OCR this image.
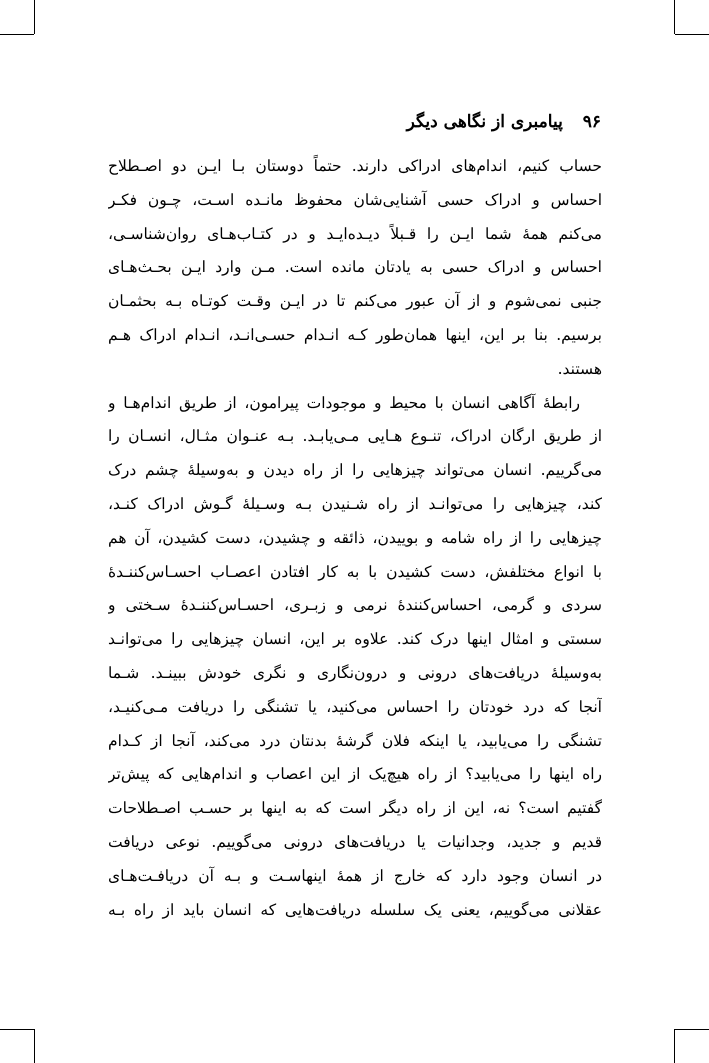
۹۶ پیامبری از نگاهی دیگر
حساب کنیم، اندام‌های ادراکی دارند. حتماً دوستان بـا ایـن دو اصـطلاح
احساس و ادراک حسی آشنایی‌شان محفوظ مانـده اسـت، چـون فکـر
می‌کنم همهٔ شما ایـن را قـبلاً دیـده‌ایـد و در کتـاب‌هـای روان‌شناسـی،
احساس و ادراک حسی به یادتان مانده است. مـن وارد ایـن بحـث‌هـای
جنبی نمی‌شوم و از آن عبور می‌کنم تا در ایـن وقـت کوتـاه بـه بحثمـان
برسیم. بنا بر این، اینها همان‌طور کـه انـدام حسـی‌انـد، انـدام ادراک هـم
هستند.
رابطهٔ آگاهی انسان با محیط و موجودات پیرامون، از طریق اندام‌هـا و
از طریق ارگان ادراک، تنـوع هـایی مـی‌یابـد. بـه عنـوان مثـال، انسـان را
می‌گرییم. انسان می‌تواند چیزهایی را از راه دیدن و به‌وسیلهٔ چشم درک
کند، چیزهایی را می‌توانـد از راه شـنیدن بـه وسـیلهٔ گـوش ادراک کنـد،
چیزهایی را از راه شامه و بوییدن، ذائقه و چشیدن، دست کشیدن، آن هم
با انواع مختلفش، دست کشیدن با به کار افتادن اعصـاب احسـاس‌کننـدهٔ
سردی و گرمی، احساس‌کنندهٔ نرمی و زبـری، احسـاس‌کننـدهٔ سـختی و
سستی و امثال اینها درک کند. علاوه بر این، انسان چیزهایی را می‌توانـد
به‌وسیلهٔ دریافت‌های درونی و درون‌نگاری و نگری خودش ببینـد. شـما
آنجا که درد خودتان را احساس می‌کنید، یا تشنگی را دریافت مـی‌کنیـد،
تشنگی را می‌یابید، یا اینکه فلان گرشهٔ بدنتان درد می‌کند، آنجا از کـدام
راه اینها را می‌یابید؟ از راه هیچ‌یک از این اعصاب و اندام‌هایی که پیش‌تر
گفتیم است؟ نه، این از راه دیگر است که به اینها بر حسـب اصـطلاحات
قدیم و جدید، وجدانیات یا دریافت‌های درونی می‌گوییم. نوعی دریافت
در انسان وجود دارد که خارج از همهٔ اینهاسـت و بـه آن دریافـت‌هـای
عقلانی می‌گوییم، یعنی یک سلسله دریافت‌هایی که انسان باید از راه بـه
